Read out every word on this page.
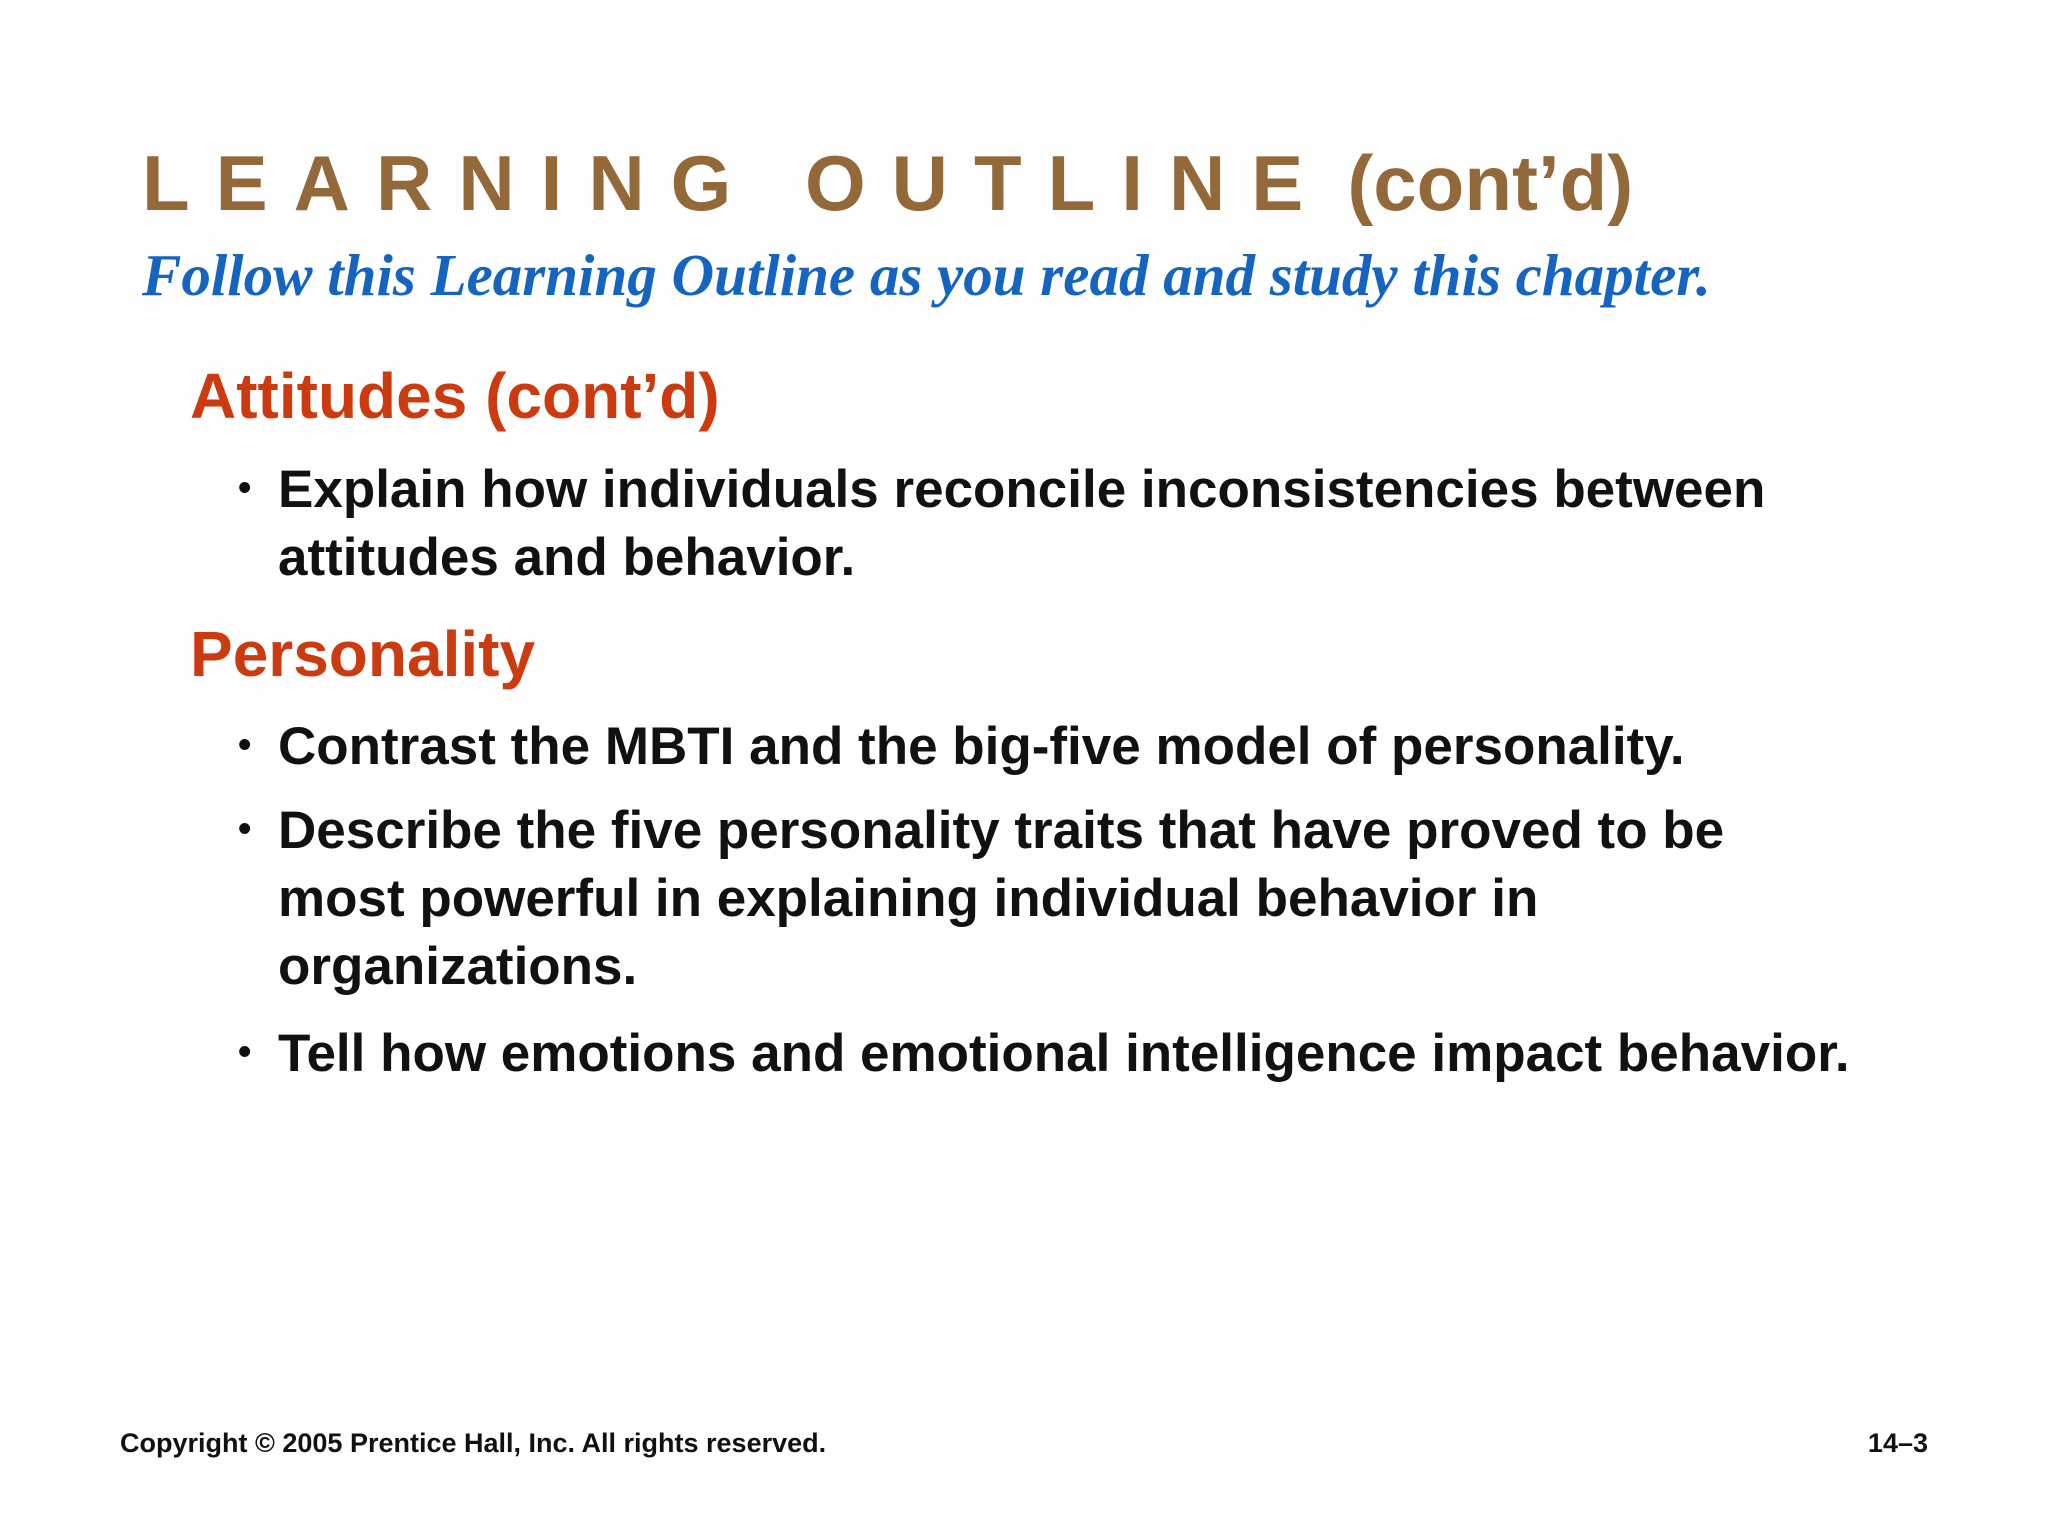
LEARNING OUTLINE (cont’d)
Follow this Learning Outline as you read and study this chapter.
Attitudes (cont’d)
• Explain how individuals reconcile inconsistencies between attitudes and behavior.
Personality
• Contrast the MBTI and the big-five model of personality.
• Describe the five personality traits that have proved to be most powerful in explaining individual behavior in organizations.
• Tell how emotions and emotional intelligence impact behavior.
Copyright © 2005 Prentice Hall, Inc. All rights reserved.	14–3
